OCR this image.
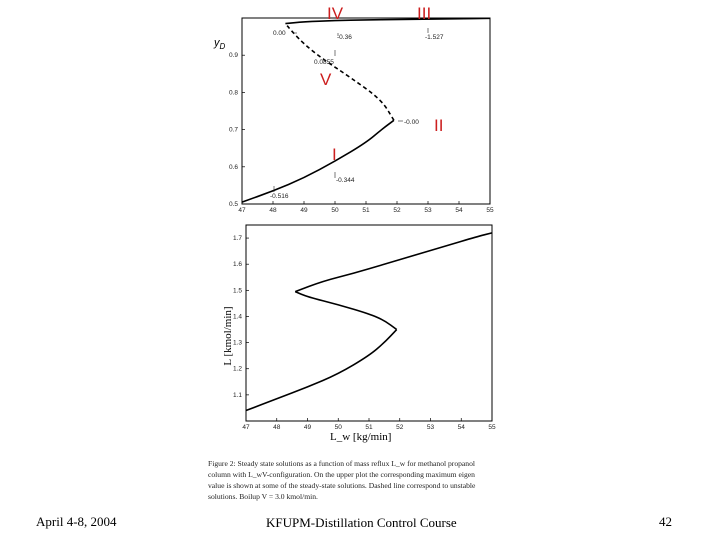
47	48	49	50	51	52	53	54	55
0.5
0.6
0.7
0.8
0.9
$y_D$
0.00
-0.36
0.0855
-0.00
-0.344
-0.516
-1.527
IV	III
V
II
I
47	48	49	50	51	52	53	54	55
1.1
1.2
1.3
1.4
1.5
1.6
1.7
L [kmol/min]
L_w [kg/min]
Figure 2: Steady state solutions as a function of mass reflux L_w for methanol propanol
column with L_wV-configuration. On the upper plot the corresponding maximum eigen
value is shown at some of the steady-state solutions. Dashed line correspond to unstable
solutions. Boilup V = 3.0 kmol/min.
April 4-8, 2004	KFUPM-Distillation Control Course	42
